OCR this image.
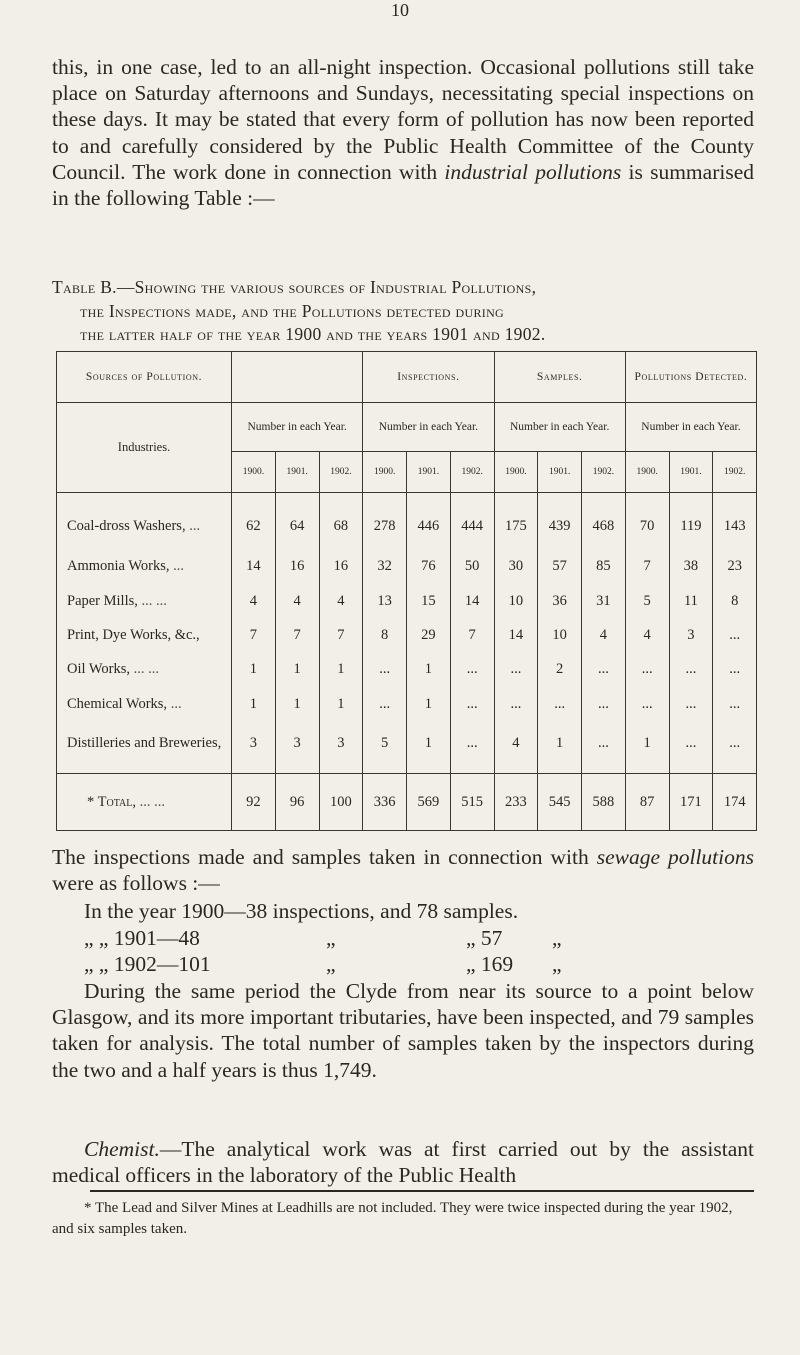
10

this, in one case, led to an all-night inspection. Occasional pollutions still take place on Saturday afternoons and Sundays, necessitating special inspections on these days. It may be stated that every form of pollution has now been reported to and carefully considered by the Public Health Committee of the County Council. The work done in connection with industrial pollutions is summarised in the following Table :—

Table B.—Showing the various sources of Industrial Pollutions,
the Inspections made, and the Pollutions detected during
the latter half of the year 1900 and the years 1901 and 1902.
Sources of Pollution.				Inspections.			Samples.			Pollutions Detected.		
Industries.	Number in each Year.			Number in each Year.			Number in each Year.			Number in each Year.		
	1900.	1901.	1902.	1900.	1901.	1902.	1900.	1901.	1902.	1900.	1901.	1902.
Coal-dross Washers, ...	62	64	68	278	446	444	175	439	468	70	119	143
Ammonia Works, ...	14	16	16	32	76	50	30	57	85	7	38	23
Paper Mills, ... ...	4	4	4	13	15	14	10	36	31	5	11	8
Print, Dye Works, &c.,	7	7	7	8	29	7	14	10	4	4	3	...
Oil Works, ... ...	1	1	1	...	1	...	...	2	...	...	...	...
Chemical Works, ...	1	1	1	...	1	...	...	...	...	...	...	...
Distilleries and Breweries,	3	3	3	5	1	...	4	1	...	1	...	...
* Total, ... ...	92	96	100	336	569	515	233	545	588	87	171	174

The inspections made and samples taken in connection with sewage pollutions were as follows :—

In the year 1900—38 inspections, and 78 samples.
„ „ 1901—48	„	„ 57	„
„ „ 1902—101	„	„ 169	„

During the same period the Clyde from near its source to a point below Glasgow, and its more important tributaries, have been inspected, and 79 samples taken for analysis. The total number of samples taken by the inspectors during the two and a half years is thus 1,749.

Chemist.—The analytical work was at first carried out by the assistant medical officers in the laboratory of the Public Health

* The Lead and Silver Mines at Leadhills are not included. They were twice inspected during the year 1902, and six samples taken.
